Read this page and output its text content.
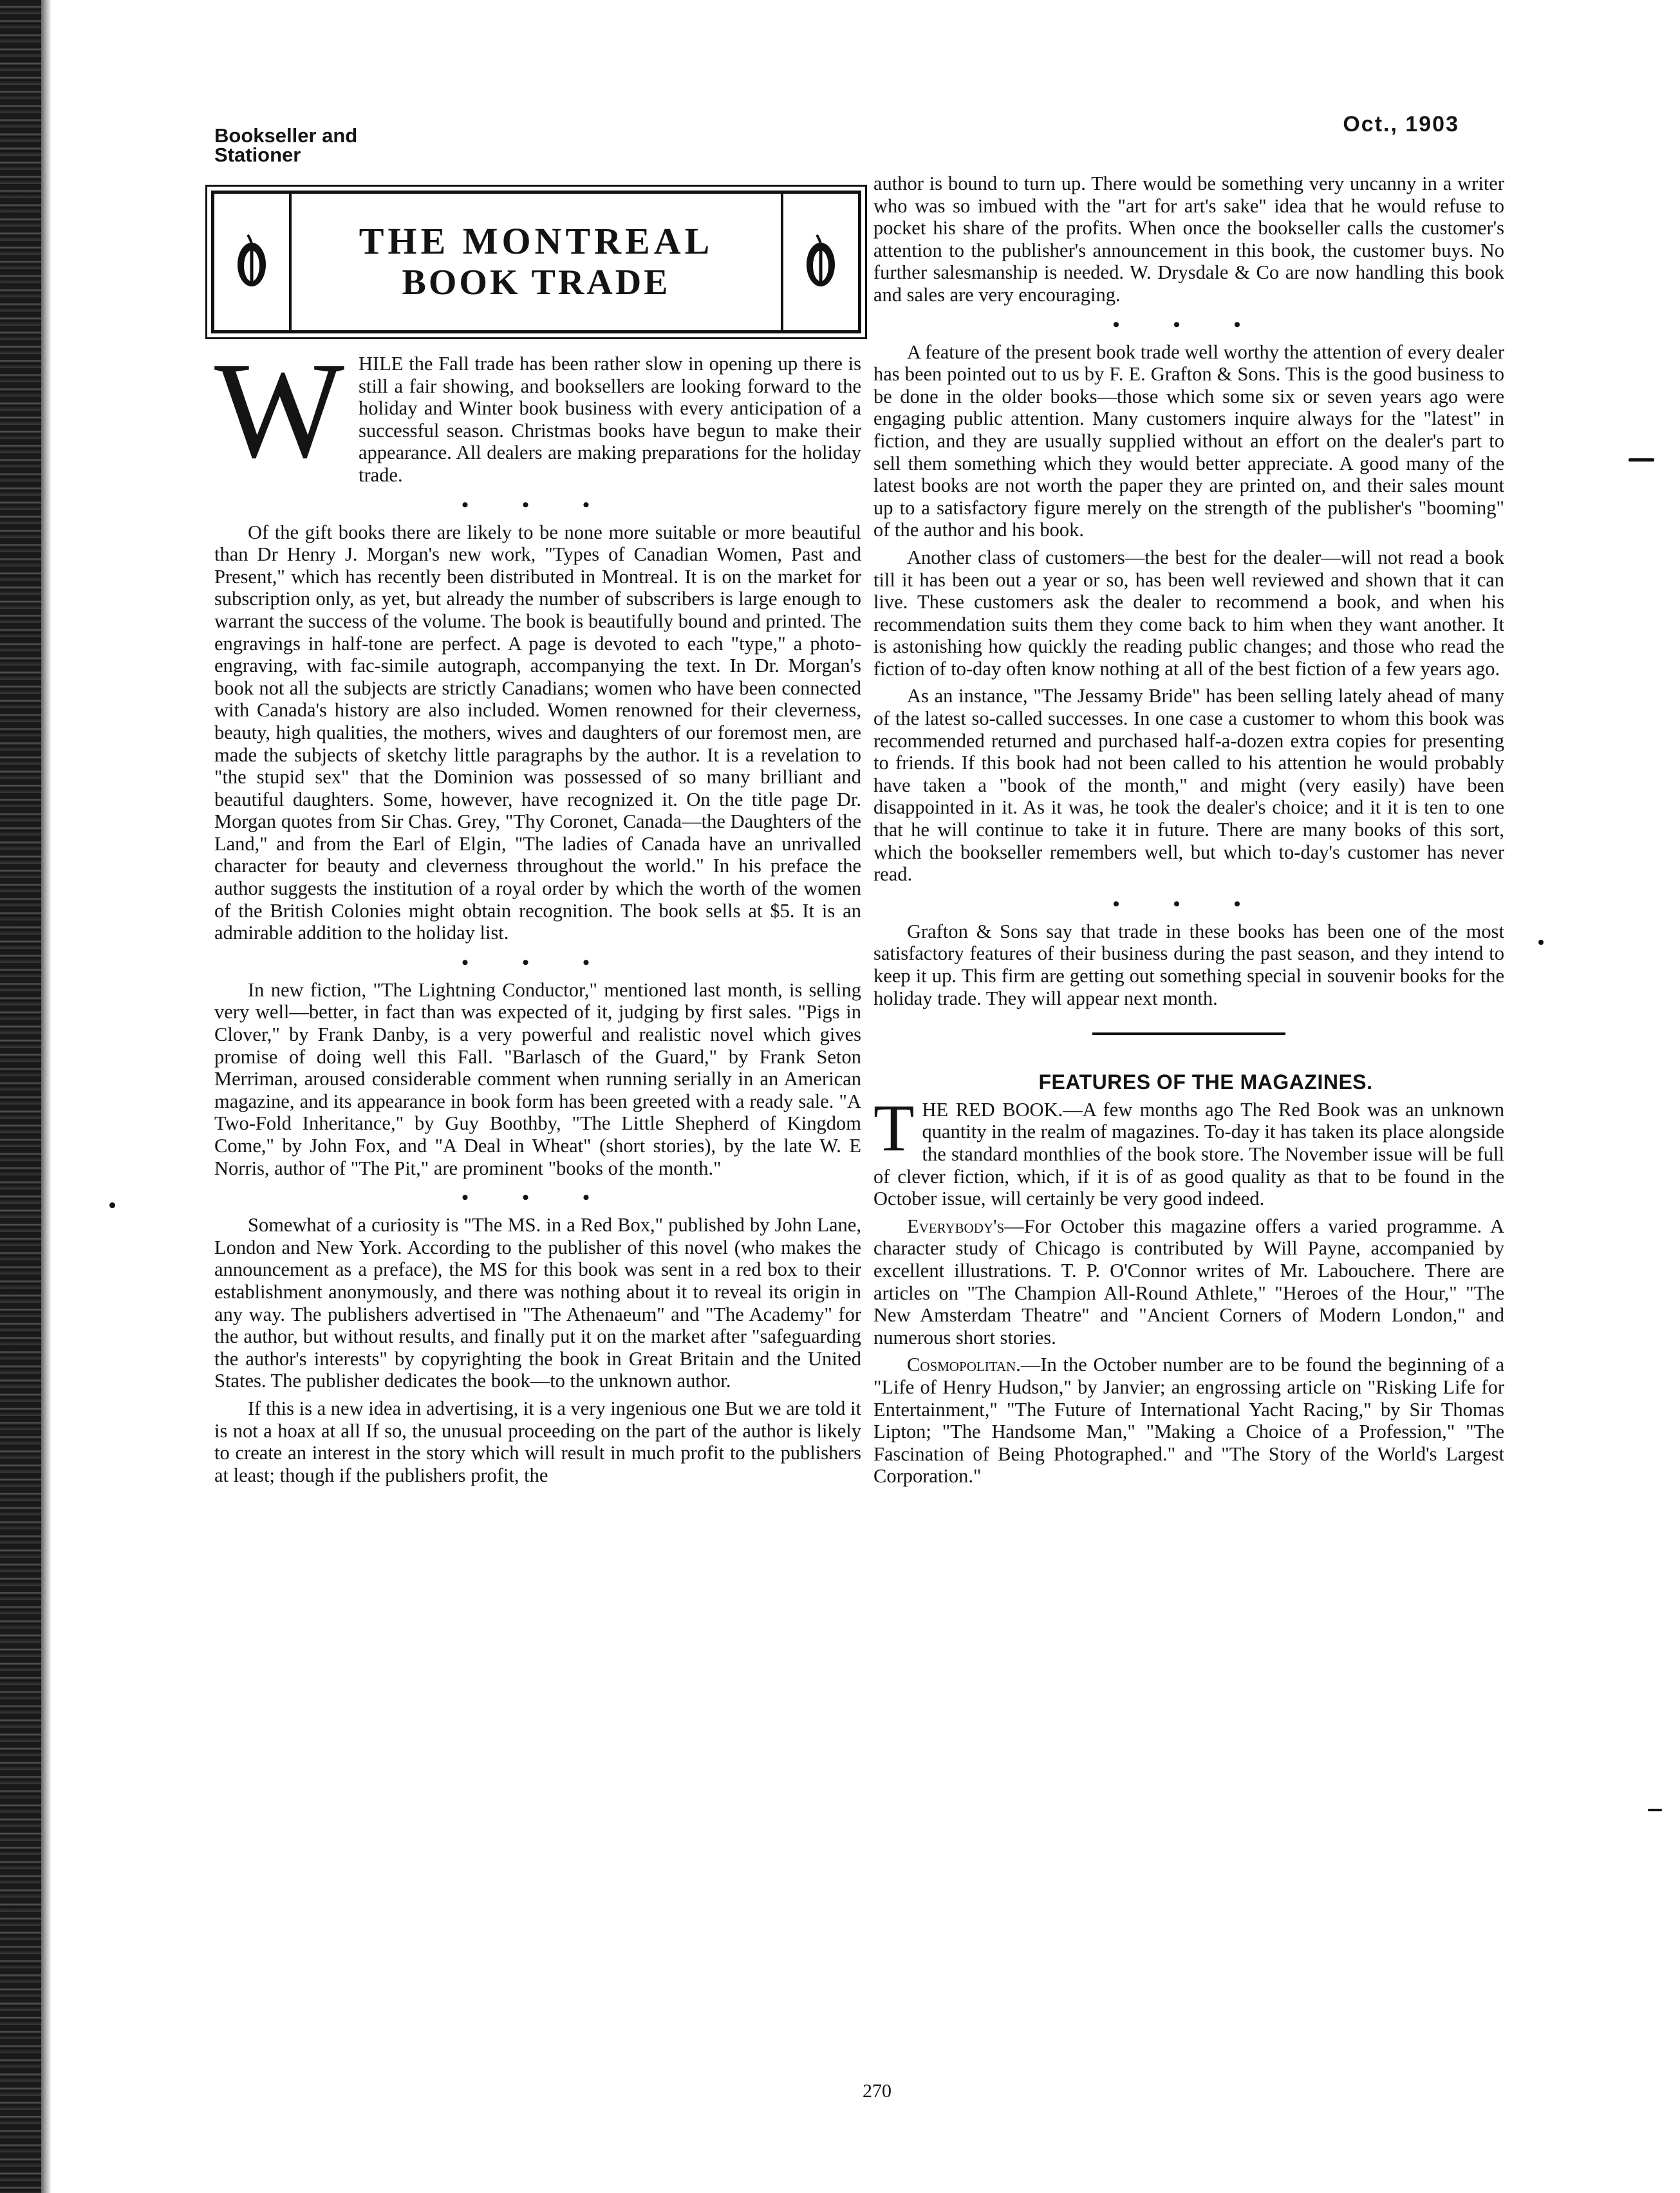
Bookseller and
Stationer
Oct., 1903
THE MONTREAL
BOOK TRADE

WHILE the Fall trade has been rather slow in opening up there is still a fair showing, and booksellers are looking forward to the holiday and Winter book business with every anticipation of a successful season. Christmas books have begun to make their appearance. All dealers are making preparations for the holiday trade.

• • •

Of the gift books there are likely to be none more suitable or more beautiful than Dr Henry J. Morgan's new work, "Types of Canadian Women, Past and Present," which has recently been distributed in Montreal. It is on the market for subscription only, as yet, but already the number of subscribers is large enough to warrant the success of the volume. The book is beautifully bound and printed. The engravings in half-tone are perfect. A page is devoted to each "type," a photo-engraving, with fac-simile autograph, accompanying the text. In Dr. Morgan's book not all the subjects are strictly Canadians; women who have been connected with Canada's history are also included. Women renowned for their cleverness, beauty, high qualities, the mothers, wives and daughters of our foremost men, are made the subjects of sketchy little paragraphs by the author. It is a revelation to "the stupid sex" that the Dominion was possessed of so many brilliant and beautiful daughters. Some, however, have recognized it. On the title page Dr. Morgan quotes from Sir Chas. Grey, "Thy Coronet, Canada—the Daughters of the Land," and from the Earl of Elgin, "The ladies of Canada have an unrivalled character for beauty and cleverness throughout the world." In his preface the author suggests the institution of a royal order by which the worth of the women of the British Colonies might obtain recognition. The book sells at $5. It is an admirable addition to the holiday list.

• • •

In new fiction, "The Lightning Conductor," mentioned last month, is selling very well—better, in fact than was expected of it, judging by first sales. "Pigs in Clover," by Frank Danby, is a very powerful and realistic novel which gives promise of doing well this Fall. "Barlasch of the Guard," by Frank Seton Merriman, aroused considerable comment when running serially in an American magazine, and its appearance in book form has been greeted with a ready sale. "A Two-Fold Inheritance," by Guy Boothby, "The Little Shepherd of Kingdom Come," by John Fox, and "A Deal in Wheat" (short stories), by the late W. E Norris, author of "The Pit," are prominent "books of the month."

• • •

Somewhat of a curiosity is "The MS. in a Red Box," published by John Lane, London and New York. According to the publisher of this novel (who makes the announcement as a preface), the MS for this book was sent in a red box to their establishment anonymously, and there was nothing about it to reveal its origin in any way. The publishers advertised in "The Athenaeum" and "The Academy" for the author, but without results, and finally put it on the market after "safeguarding the author's interests" by copyrighting the book in Great Britain and the United States. The publisher dedicates the book—to the unknown author.

If this is a new idea in advertising, it is a very ingenious one But we are told it is not a hoax at all If so, the unusual proceeding on the part of the author is likely to create an interest in the story which will result in much profit to the publishers at least; though if the publishers profit, the

author is bound to turn up. There would be something very uncanny in a writer who was so imbued with the "art for art's sake" idea that he would refuse to pocket his share of the profits. When once the bookseller calls the customer's attention to the publisher's announcement in this book, the customer buys. No further salesmanship is needed. W. Drysdale & Co are now handling this book and sales are very encouraging.

• • •

A feature of the present book trade well worthy the attention of every dealer has been pointed out to us by F. E. Grafton & Sons. This is the good business to be done in the older books—those which some six or seven years ago were engaging public attention. Many customers inquire always for the "latest" in fiction, and they are usually supplied without an effort on the dealer's part to sell them something which they would better appreciate. A good many of the latest books are not worth the paper they are printed on, and their sales mount up to a satisfactory figure merely on the strength of the publisher's "booming" of the author and his book.

Another class of customers—the best for the dealer—will not read a book till it has been out a year or so, has been well reviewed and shown that it can live. These customers ask the dealer to recommend a book, and when his recommendation suits them they come back to him when they want another. It is astonishing how quickly the reading public changes; and those who read the fiction of to-day often know nothing at all of the best fiction of a few years ago.

As an instance, "The Jessamy Bride" has been selling lately ahead of many of the latest so-called successes. In one case a customer to whom this book was recommended returned and purchased half-a-dozen extra copies for presenting to friends. If this book had not been called to his attention he would probably have taken a "book of the month," and might (very easily) have been disappointed in it. As it was, he took the dealer's choice; and it it is ten to one that he will continue to take it in future. There are many books of this sort, which the bookseller remembers well, but which to-day's customer has never read.

• • •

Grafton & Sons say that trade in these books has been one of the most satisfactory features of their business during the past season, and they intend to keep it up. This firm are getting out something special in souvenir books for the holiday trade. They will appear next month.

FEATURES OF THE MAGAZINES.

THE RED BOOK.—A few months ago The Red Book was an unknown quantity in the realm of magazines. To-day it has taken its place alongside the standard monthlies of the book store. The November issue will be full of clever fiction, which, if it is of as good quality as that to be found in the October issue, will certainly be very good indeed.

Everybody's—For October this magazine offers a varied programme. A character study of Chicago is contributed by Will Payne, accompanied by excellent illustrations. T. P. O'Connor writes of Mr. Labouchere. There are articles on "The Champion All-Round Athlete," "Heroes of the Hour," "The New Amsterdam Theatre" and "Ancient Corners of Modern London," and numerous short stories.

Cosmopolitan.—In the October number are to be found the beginning of a "Life of Henry Hudson," by Janvier; an engrossing article on "Risking Life for Entertainment," "The Future of International Yacht Racing," by Sir Thomas Lipton; "The Handsome Man," "Making a Choice of a Profession," "The Fascination of Being Photographed." and "The Story of the World's Largest Corporation."

270
